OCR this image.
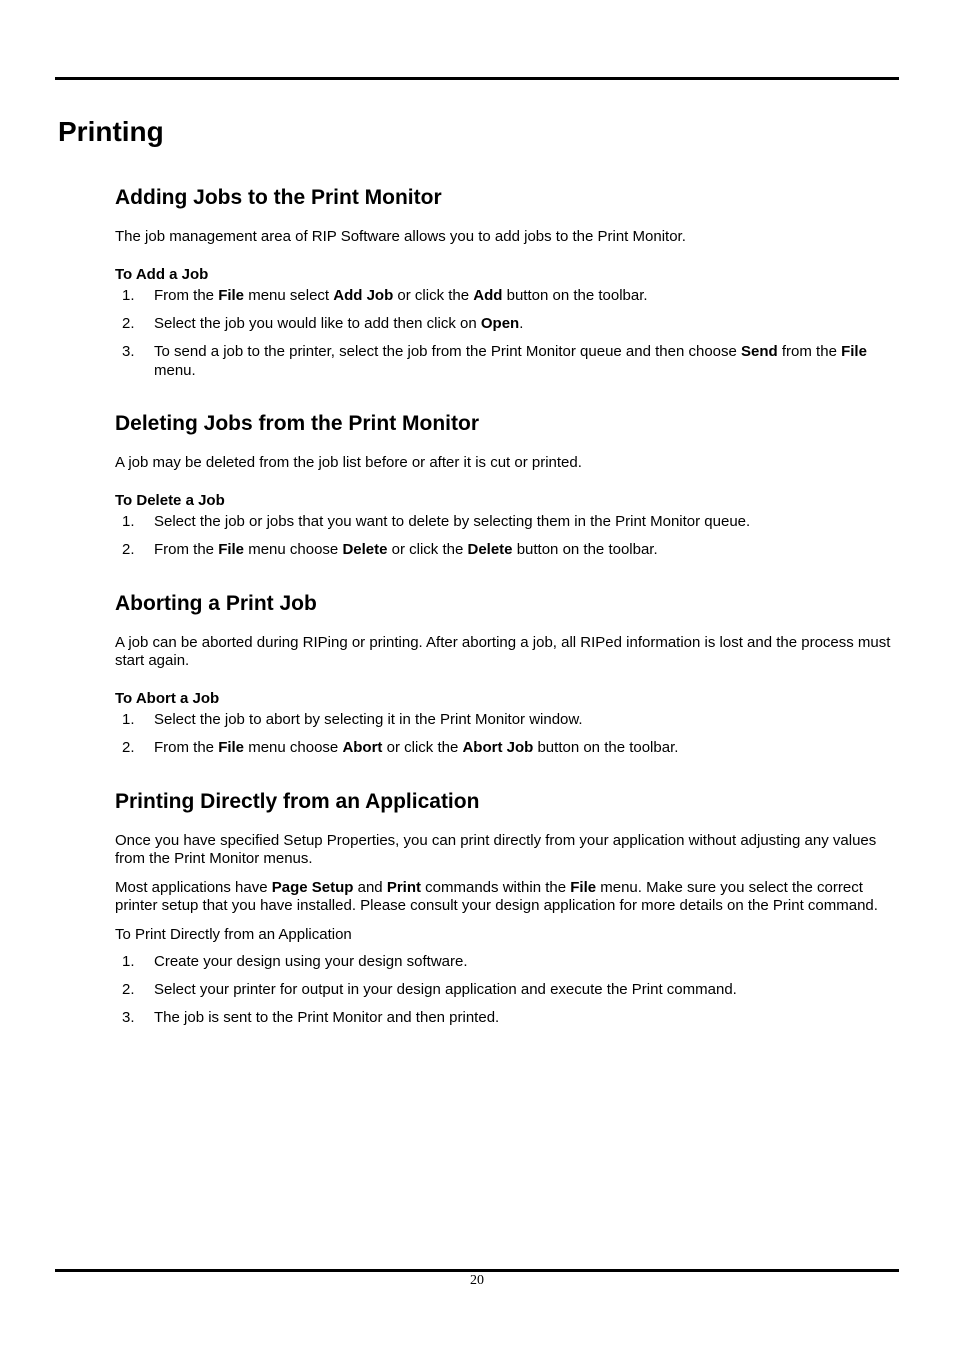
Printing
Adding Jobs to the Print Monitor

The job management area of RIP Software allows you to add jobs to the Print Monitor.

To Add a Job
1. From the File menu select Add Job or click the Add button on the toolbar.
2. Select the job you would like to add then click on Open.
3. To send a job to the printer, select the job from the Print Monitor queue and then choose Send from the File menu.
Deleting Jobs from the Print Monitor

A job may be deleted from the job list before or after it is cut or printed.

To Delete a Job
1. Select the job or jobs that you want to delete by selecting them in the Print Monitor queue.
2. From the File menu choose Delete or click the Delete button on the toolbar.
Aborting a Print Job

A job can be aborted during RIPing or printing. After aborting a job, all RIPed information is lost and the process must start again.

To Abort a Job
1. Select the job to abort by selecting it in the Print Monitor window.
2. From the File menu choose Abort or click the Abort Job button on the toolbar.
Printing Directly from an Application

Once you have specified Setup Properties, you can print directly from your application without adjusting any values from the Print Monitor menus.

Most applications have Page Setup and Print commands within the File menu. Make sure you select the correct printer setup that you have installed. Please consult your design application for more details on the Print command.

To Print Directly from an Application

1. Create your design using your design software.
2. Select your printer for output in your design application and execute the Print command.
3. The job is sent to the Print Monitor and then printed.
20
